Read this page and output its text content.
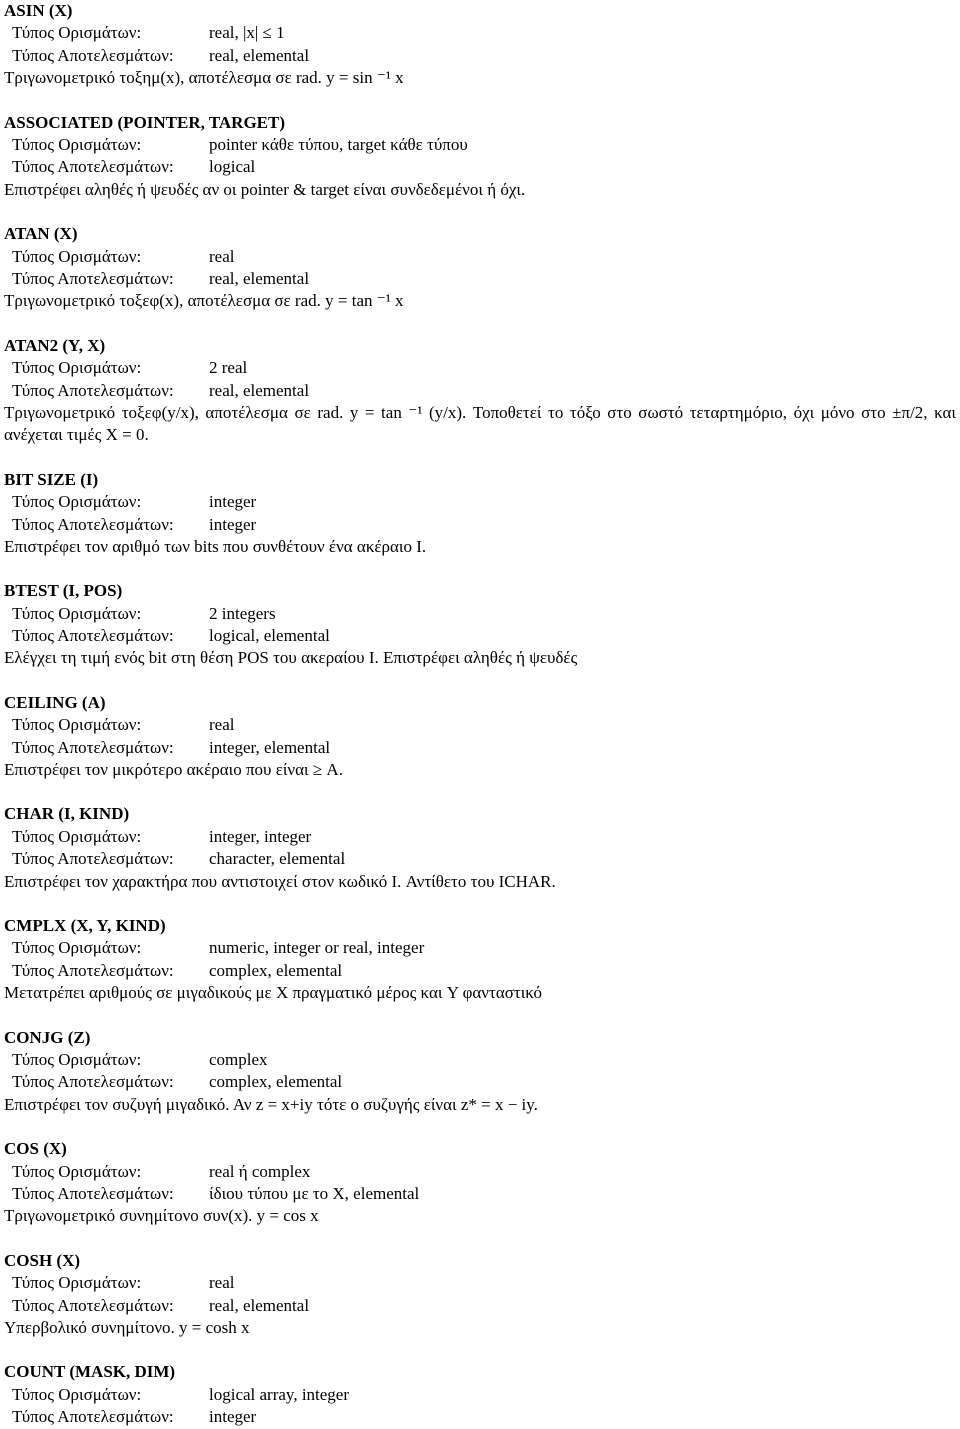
ASIN (X)
Τύπος Ορισμάτων:	real, |x| ≤ 1
Τύπος Αποτελεσμάτων: real, elemental
Τριγωνομετρικό τοξημ(x), αποτέλεσμα σε rad. y = sin ⁻¹ x
ASSOCIATED (POINTER, TARGET)
Τύπος Ορισμάτων:	pointer κάθε τύπου, target κάθε τύπου
Τύπος Αποτελεσμάτων: logical
Επιστρέφει αληθές ή ψευδές αν οι pointer & target είναι συνδεδεμένοι ή όχι.
ATAN (X)
Τύπος Ορισμάτων:	real
Τύπος Αποτελεσμάτων: real, elemental
Τριγωνομετρικό τοξεφ(x), αποτέλεσμα σε rad. y = tan ⁻¹ x
ATAN2 (Y, X)
Τύπος Ορισμάτων:	2 real
Τύπος Αποτελεσμάτων: real, elemental
Τριγωνομετρικό τοξεφ(y/x), αποτέλεσμα σε rad. y = tan ⁻¹ (y/x). Τοποθετεί το τόξο στο σωστό τεταρτημόριο, όχι μόνο στο ±π/2, και ανέχεται τιμές X = 0.
BIT SIZE (I)
Τύπος Ορισμάτων:	integer
Τύπος Αποτελεσμάτων: integer
Επιστρέφει τον αριθμό των bits που συνθέτουν ένα ακέραιο I.
BTEST (I, POS)
Τύπος Ορισμάτων:	2 integers
Τύπος Αποτελεσμάτων: logical, elemental
Ελέγχει τη τιμή ενός bit στη θέση POS του ακεραίου I. Επιστρέφει αληθές ή ψευδές
CEILING (A)
Τύπος Ορισμάτων:	real
Τύπος Αποτελεσμάτων: integer, elemental
Επιστρέφει τον μικρότερο ακέραιο που είναι ≥ A.
CHAR (I, KIND)
Τύπος Ορισμάτων:	integer, integer
Τύπος Αποτελεσμάτων: character, elemental
Επιστρέφει τον χαρακτήρα που αντιστοιχεί στον κωδικό I. Αντίθετο του ICHAR.
CMPLX (X, Y, KIND)
Τύπος Ορισμάτων:	numeric, integer or real, integer
Τύπος Αποτελεσμάτων: complex, elemental
Μετατρέπει αριθμούς σε μιγαδικούς με X πραγματικό μέρος και Y φανταστικό
CONJG (Z)
Τύπος Ορισμάτων:	complex
Τύπος Αποτελεσμάτων: complex, elemental
Επιστρέφει τον συζυγή μιγαδικό. Αν z = x+iy τότε ο συζυγής είναι z* = x − iy.
COS (X)
Τύπος Ορισμάτων:	real ή complex
Τύπος Αποτελεσμάτων: ίδιου τύπου με το X, elemental
Τριγωνομετρικό συνημίτονο συν(x). y = cos x
COSH (X)
Τύπος Ορισμάτων:	real
Τύπος Αποτελεσμάτων: real, elemental
Υπερβολικό συνημίτονο. y = cosh x
COUNT (MASK, DIM)
Τύπος Ορισμάτων:	logical array, integer
Τύπος Αποτελεσμάτων: integer
